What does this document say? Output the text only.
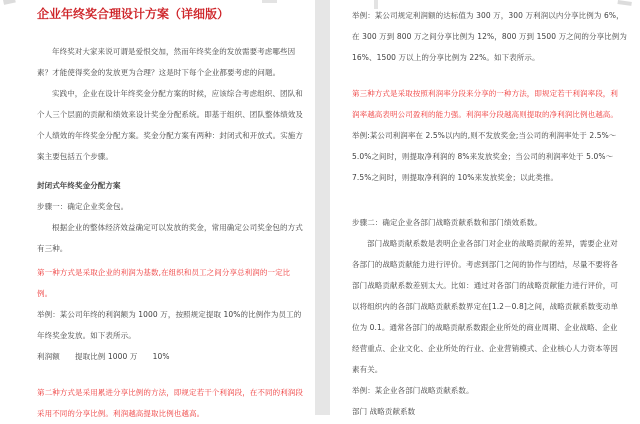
企业年终奖合理设计方案（详细版）
年终奖对大家来说可谓是爱恨交加，然而年终奖金的发放需要考虑哪些因
素？才能使得奖金的发放更为合理？这是时下每个企业都要考虑的问题。
实践中，企业在设计年终奖金分配方案的时候，应该综合考虑组织、团队和
个人三个层面的贡献和绩效来设计奖金分配系统。即基于组织、团队整体绩效及
个人绩效的年终奖金分配方案。奖金分配方案有两种：封闭式和开放式。实施方
案主要包括五个步骤。
封闭式年终奖金分配方案
步骤一：确定企业奖金包。
根据企业的整体经济效益确定可以发放的奖金，常用确定公司奖金包的方式
有三种。
第一种方式是采取企业的利润为基数,在组织和员工之间分享总利润的一定比
例。
举例：某公司年终的利润额为 1000 万，按照规定提取 10%的比例作为员工的
年终奖金发放。如下表所示。
利润额　　提取比例 1000 万　　10%
第二种方式是采用累进分享比例的方法，即规定若干个利润段，在不同的利润段
采用不同的分享比例。利润越高提取比例也越高。
举例：某公司规定利润额的达标值为 300 万，300 万利润以内分享比例为 6%，
在 300 万到 800 万之间分享比例为 12%，800 万到 1500 万之间的分享比例为
16%、1500 万以上的分享比例为 22%。如下表所示。
第三种方式是采取按照利润率分段来分享的一种方法，即规定若干利润率段，利
润率越高表明公司盈利的能力强。利润率分段越高则提取的净利润比例也越高。
举例:某公司利润率在 2.5%以内的,则不发放奖金;当公司的利润率处于 2.5%～
5.0%之间时，则提取净利润的 8%来发放奖金；当公司的利润率处于 5.0%～
7.5%之间时，则提取净利润的 10%来发放奖金；以此类推。
步骤二：确定企业各部门战略贡献系数和部门绩效系数。
部门战略贡献系数是表明企业各部门对企业的战略贡献的差异，需要企业对
各部门的战略贡献能力进行评价。考虑到部门之间的协作与团结，尽量不要将各
部门战略贡献系数差别太大。比如：通过对各部门的战略贡献能力进行评价，可
以将组织内的各部门战略贡献系数界定在[1.2－0.8]之间，战略贡献系数变动单
位为 0.1。通常各部门的战略贡献系数跟企业所处的商业周期、企业战略、企业
经营重点、企业文化、企业所处的行业、企业营销模式、企业核心人力资本等因
素有关。
举例：某企业各部门战略贡献系数。
部门 战略贡献系数
